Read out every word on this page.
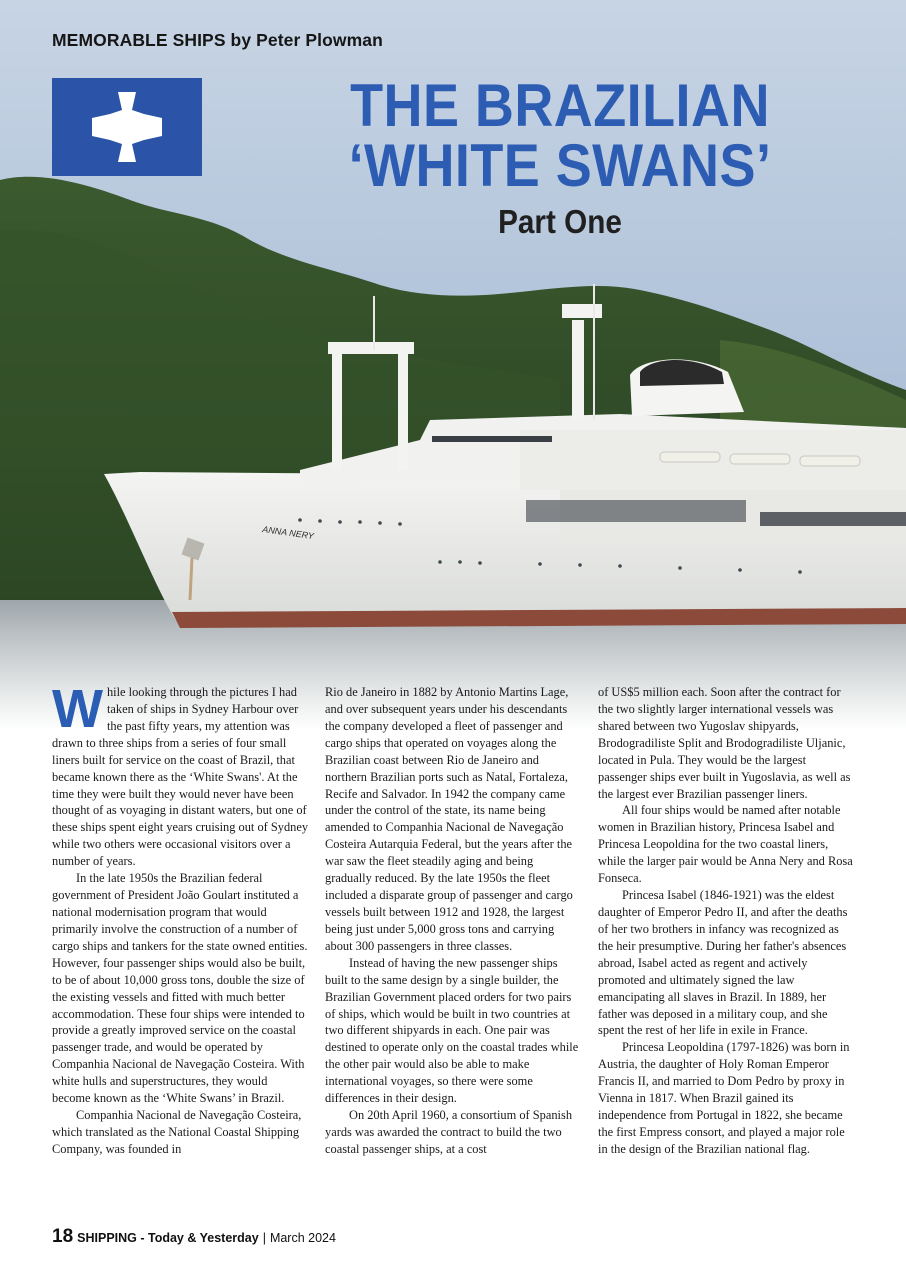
ANNA NERY
MEMORABLE SHIPS by Peter Plowman
THE BRAZILIAN
‘WHITE SWANS’
Part One

While looking through the pictures I had taken of ships in Sydney Harbour over the past fifty years, my attention was drawn to three ships from a series of four small liners built for service on the coast of Brazil, that became known there as the ‘White Swans'. At the time they were built they would never have been thought of as voyaging in distant waters, but one of these ships spent eight years cruising out of Sydney while two others were occasional visitors over a number of years.

In the late 1950s the Brazilian federal government of President João Goulart instituted a national modernisation program that would primarily involve the construction of a number of cargo ships and tankers for the state owned entities. However, four passenger ships would also be built, to be of about 10,000 gross tons, double the size of the existing vessels and fitted with much better accommodation. These four ships were intended to provide a greatly improved service on the coastal passenger trade, and would be operated by Companhia Nacional de Navegação Costeira. With white hulls and superstructures, they would become known as the ‘White Swans’ in Brazil.

Companhia Nacional de Navegação Costeira, which translated as the National Coastal Shipping Company, was founded in

Rio de Janeiro in 1882 by Antonio Martins Lage, and over subsequent years under his descendants the company developed a fleet of passenger and cargo ships that operated on voyages along the Brazilian coast between Rio de Janeiro and northern Brazilian ports such as Natal, Fortaleza, Recife and Salvador. In 1942 the company came under the control of the state, its name being amended to Companhia Nacional de Navegação Costeira Autarquia Federal, but the years after the war saw the fleet steadily aging and being gradually reduced. By the late 1950s the fleet included a disparate group of passenger and cargo vessels built between 1912 and 1928, the largest being just under 5,000 gross tons and carrying about 300 passengers in three classes.

Instead of having the new passenger ships built to the same design by a single builder, the Brazilian Government placed orders for two pairs of ships, which would be built in two countries at two different shipyards in each. One pair was destined to operate only on the coastal trades while the other pair would also be able to make international voyages, so there were some differences in their design.

On 20th April 1960, a consortium of Spanish yards was awarded the contract to build the two coastal passenger ships, at a cost

of US$5 million each. Soon after the contract for the two slightly larger international vessels was shared between two Yugoslav shipyards, Brodogradiliste Split and Brodogradiliste Uljanic, located in Pula. They would be the largest passenger ships ever built in Yugoslavia, as well as the largest ever Brazilian passenger liners.

All four ships would be named after notable women in Brazilian history, Princesa Isabel and Princesa Leopoldina for the two coastal liners, while the larger pair would be Anna Nery and Rosa Fonseca.

Princesa Isabel (1846-1921) was the eldest daughter of Emperor Pedro II, and after the deaths of her two brothers in infancy was recognized as the heir presumptive. During her father's absences abroad, Isabel acted as regent and actively promoted and ultimately signed the law emancipating all slaves in Brazil. In 1889, her father was deposed in a military coup, and she spent the rest of her life in exile in France.

Princesa Leopoldina (1797-1826) was born in Austria, the daughter of Holy Roman Emperor Francis II, and married to Dom Pedro by proxy in Vienna in 1817. When Brazil gained its independence from Portugal in 1822, she became the first Empress consort, and played a major role in the design of the Brazilian national flag.

18 SHIPPING - Today & Yesterday | March 2024
